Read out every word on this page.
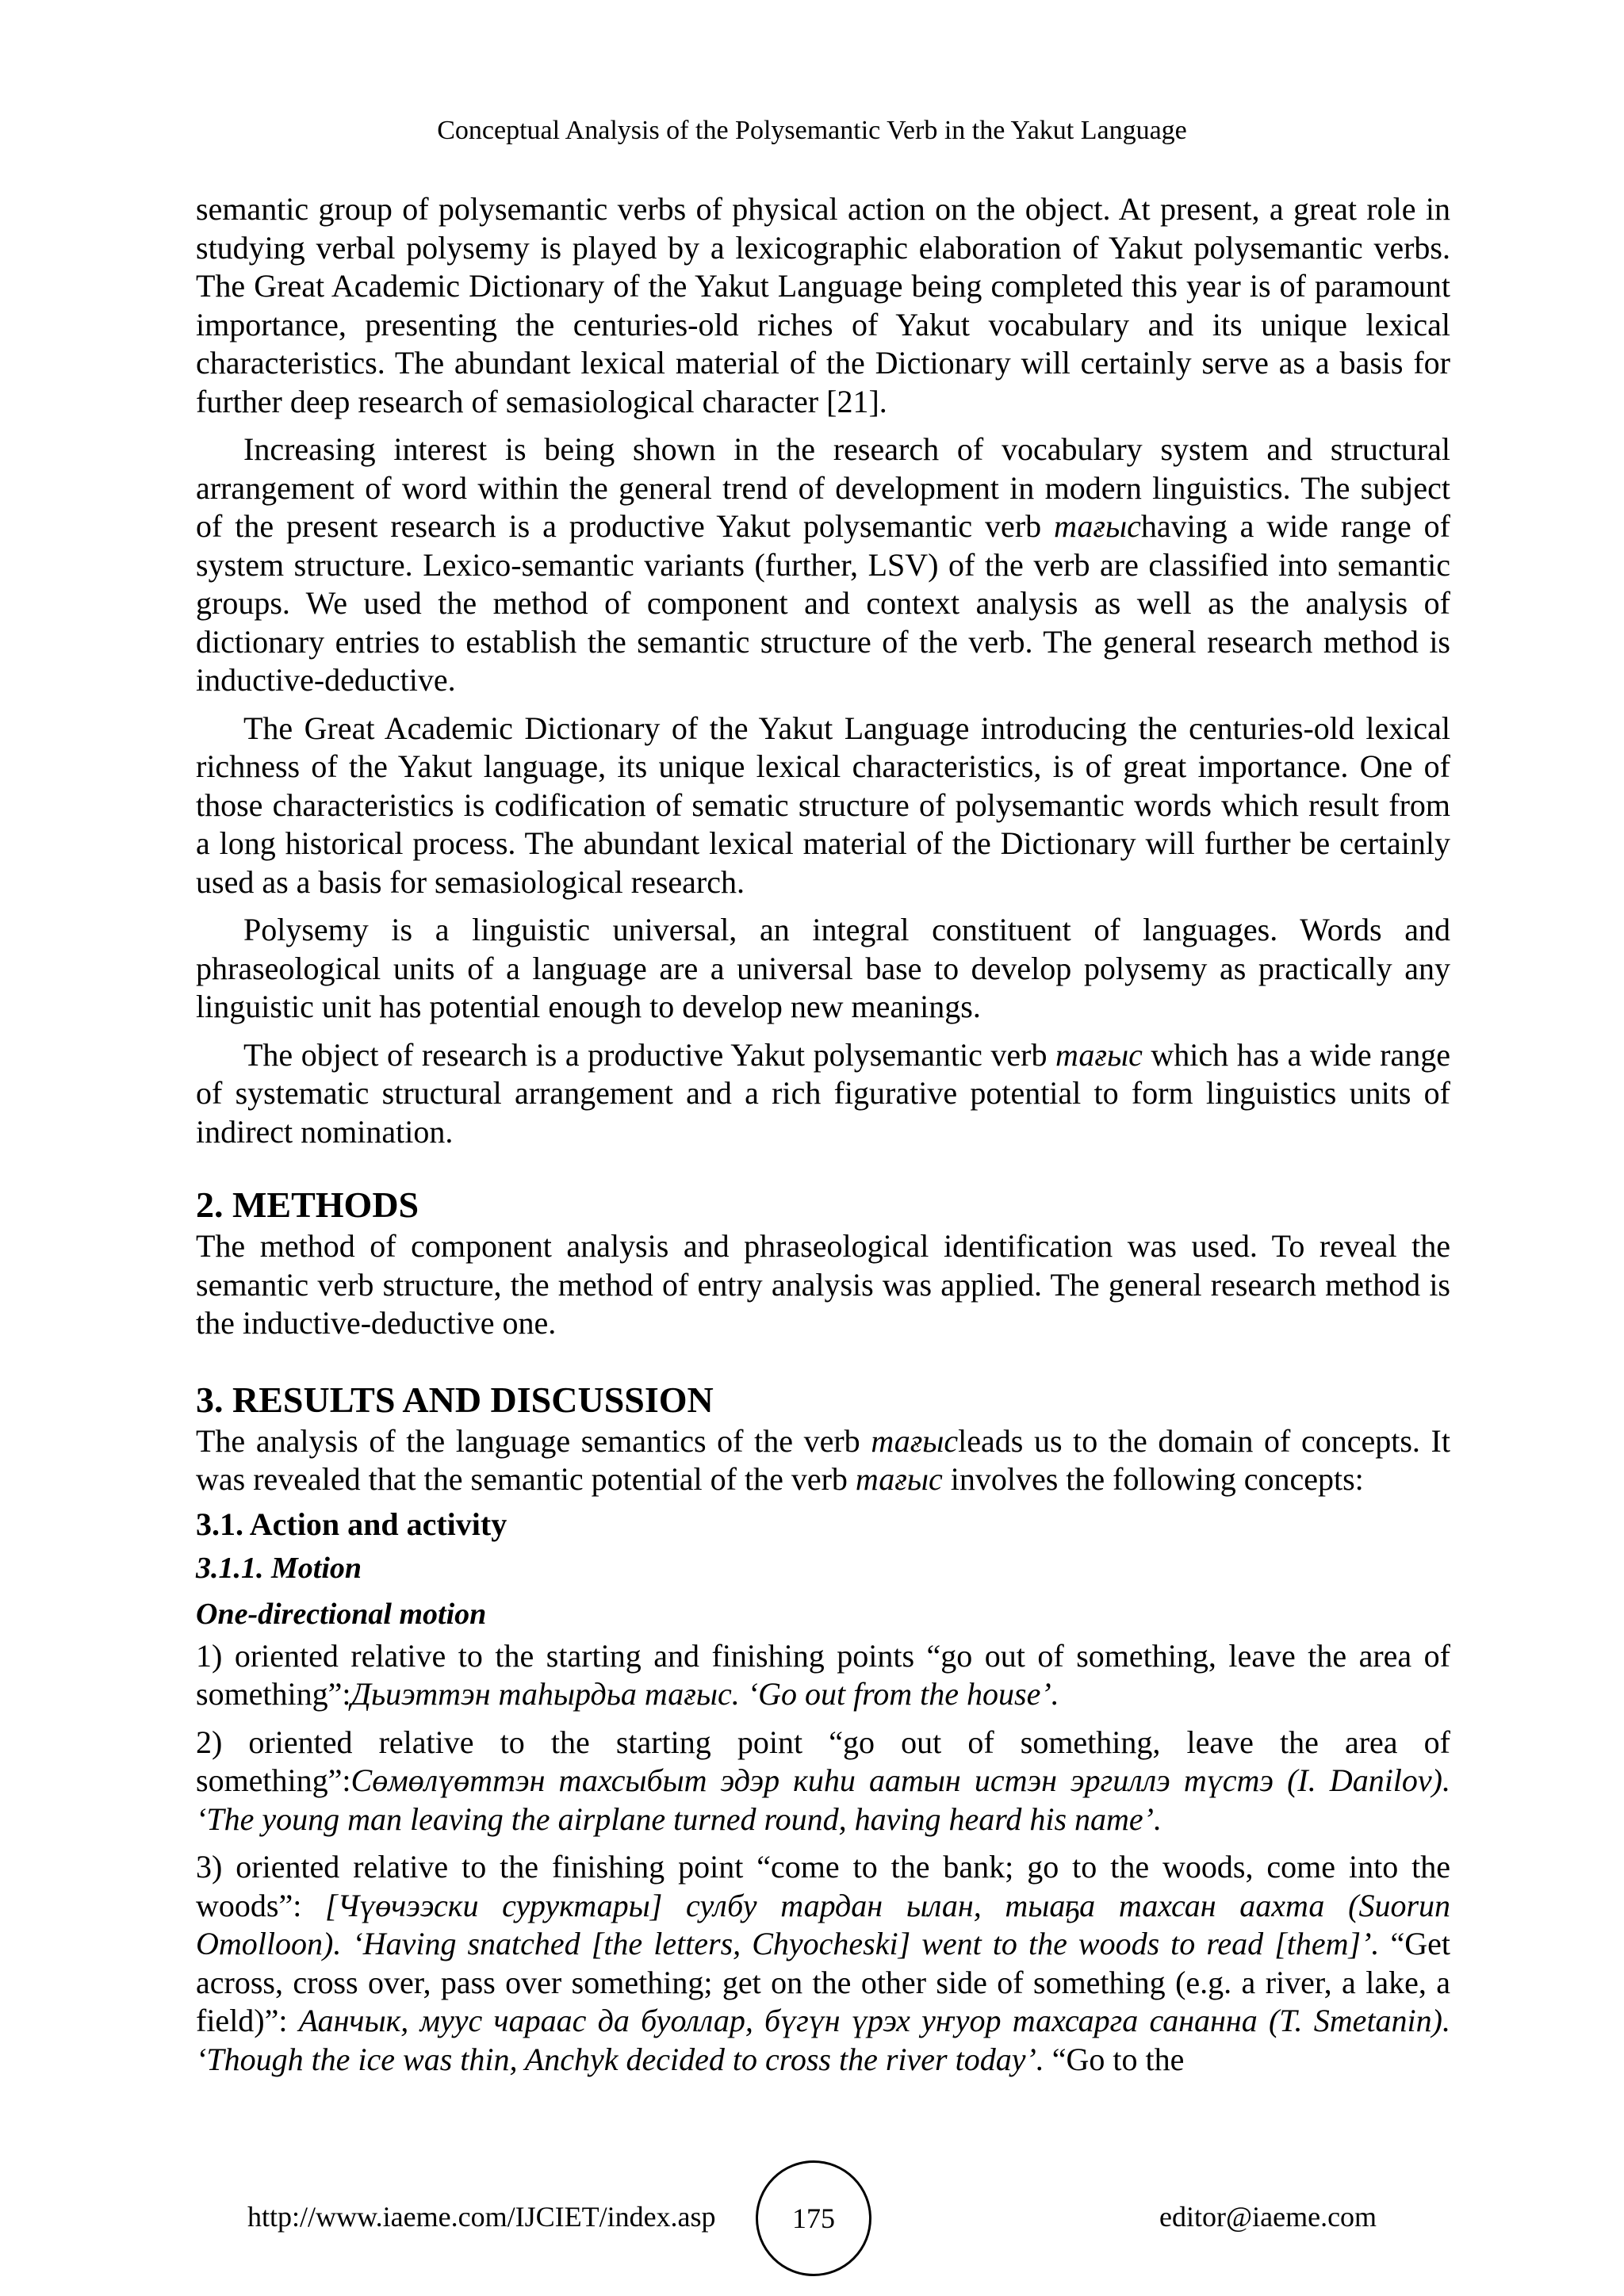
Conceptual Analysis of the Polysemantic Verb in the Yakut Language

semantic group of polysemantic verbs of physical action on the object. At present, a great role in studying verbal polysemy is played by a lexicographic elaboration of Yakut polysemantic verbs. The Great Academic Dictionary of the Yakut Language being completed this year is of paramount importance, presenting the centuries-old riches of Yakut vocabulary and its unique lexical characteristics. The abundant lexical material of the Dictionary will certainly serve as a basis for further deep research of semasiological character [21].

Increasing interest is being shown in the research of vocabulary system and structural arrangement of word within the general trend of development in modern linguistics. The subject of the present research is a productive Yakut polysemantic verb тағысhaving a wide range of system structure. Lexico-semantic variants (further, LSV) of the verb are classified into semantic groups. We used the method of component and context analysis as well as the analysis of dictionary entries to establish the semantic structure of the verb. The general research method is inductive-deductive.

The Great Academic Dictionary of the Yakut Language introducing the centuries-old lexical richness of the Yakut language, its unique lexical characteristics, is of great importance. One of those characteristics is codification of sematic structure of polysemantic words which result from a long historical process. The abundant lexical material of the Dictionary will further be certainly used as a basis for semasiological research.

Polysemy is a linguistic universal, an integral constituent of languages. Words and phraseological units of a language are a universal base to develop polysemy as practically any linguistic unit has potential enough to develop new meanings.

The object of research is a productive Yakut polysemantic verb тағыс which has a wide range of systematic structural arrangement and a rich figurative potential to form linguistics units of indirect nomination.

2. METHODS

The method of component analysis and phraseological identification was used. To reveal the semantic verb structure, the method of entry analysis was applied. The general research method is the inductive-deductive one.

3. RESULTS AND DISCUSSION

The analysis of the language semantics of the verb тағысleads us to the domain of concepts. It was revealed that the semantic potential of the verb тағыс involves the following concepts:

3.1. Action and activity
3.1.1. Motion
One-directional motion

1) oriented relative to the starting and finishing points “go out of something, leave the area of something”:Дьиэттэн таһырдьа тағыс. ‘Go out from the house’.

2) oriented relative to the starting point “go out of something, leave the area of something”:Сөмөлүөттэн тахсыбыт эдэр киһи аатын истэн эргиллэ түстэ (I. Danilov). ‘The young man leaving the airplane turned round, having heard his name’.

3) oriented relative to the finishing point “come to the bank; go to the woods, come into the woods”: [Чүөчээски суруктары] сулбу тардан ылан, тыаҕа тахсан аахта (Suorun Omolloon). ‘Having snatched [the letters, Chyocheski] went to the woods to read [them]’. “Get across, cross over, pass over something; get on the other side of something (e.g. a river, a lake, a field)”: Аанчык, муус чараас да буоллар, бүгүн үрэх уҥуор тахсарга сананна (T. Smetanin). ‘Though the ice was thin, Anchyk decided to cross the river today’. “Go to the

http://www.iaeme.com/IJCIET/index.asp	175	editor@iaeme.com
